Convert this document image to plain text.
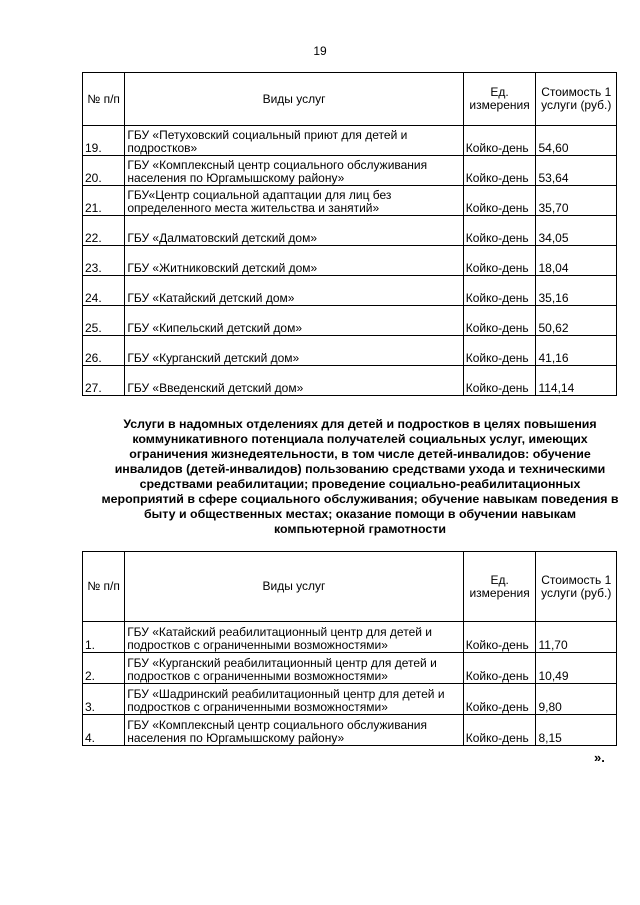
19
№ п/п	Виды услуг	Ед. измерения	Стоимость 1 услуги (руб.)
19.	ГБУ «Петуховский социальный приют для детей и подростков»	Койко-день	54,60
20.	ГБУ «Комплексный центр социального обслуживания населения по Юргамышскому району»	Койко-день	53,64
21.	ГБУ«Центр социальной адаптации для лиц без определенного места жительства и занятий»	Койко-день	35,70
22.	ГБУ «Далматовский детский дом»	Койко-день	34,05
23.	ГБУ «Житниковский детский дом»	Койко-день	18,04
24.	ГБУ «Катайский детский дом»	Койко-день	35,16
25.	ГБУ «Кипельский детский дом»	Койко-день	50,62
26.	ГБУ «Курганский детский дом»	Койко-день	41,16
27.	ГБУ «Введенский детский дом»	Койко-день	114,14
Услуги в надомных отделениях для детей и подростков в целях повышения коммуникативного потенциала получателей социальных услуг, имеющих ограничения жизнедеятельности, в том числе детей-инвалидов: обучение инвалидов (детей-инвалидов) пользованию средствами ухода и техническими средствами реабилитации; проведение социально-реабилитационных мероприятий в сфере социального обслуживания; обучение навыкам поведения в быту и общественных местах; оказание помощи в обучении навыкам компьютерной грамотности
№ п/п	Виды услуг	Ед. измерения	Стоимость 1 услуги (руб.)
1.	ГБУ «Катайский реабилитационный центр для детей и подростков с ограниченными возможностями»	Койко-день	11,70
2.	ГБУ «Курганский реабилитационный центр для детей и подростков с ограниченными возможностями»	Койко-день	10,49
3.	ГБУ «Шадринский реабилитационный центр для детей и подростков с ограниченными возможностями»	Койко-день	9,80
4.	ГБУ «Комплексный центр социального обслуживания населения по Юргамышскому району»	Койко-день	8,15
».
